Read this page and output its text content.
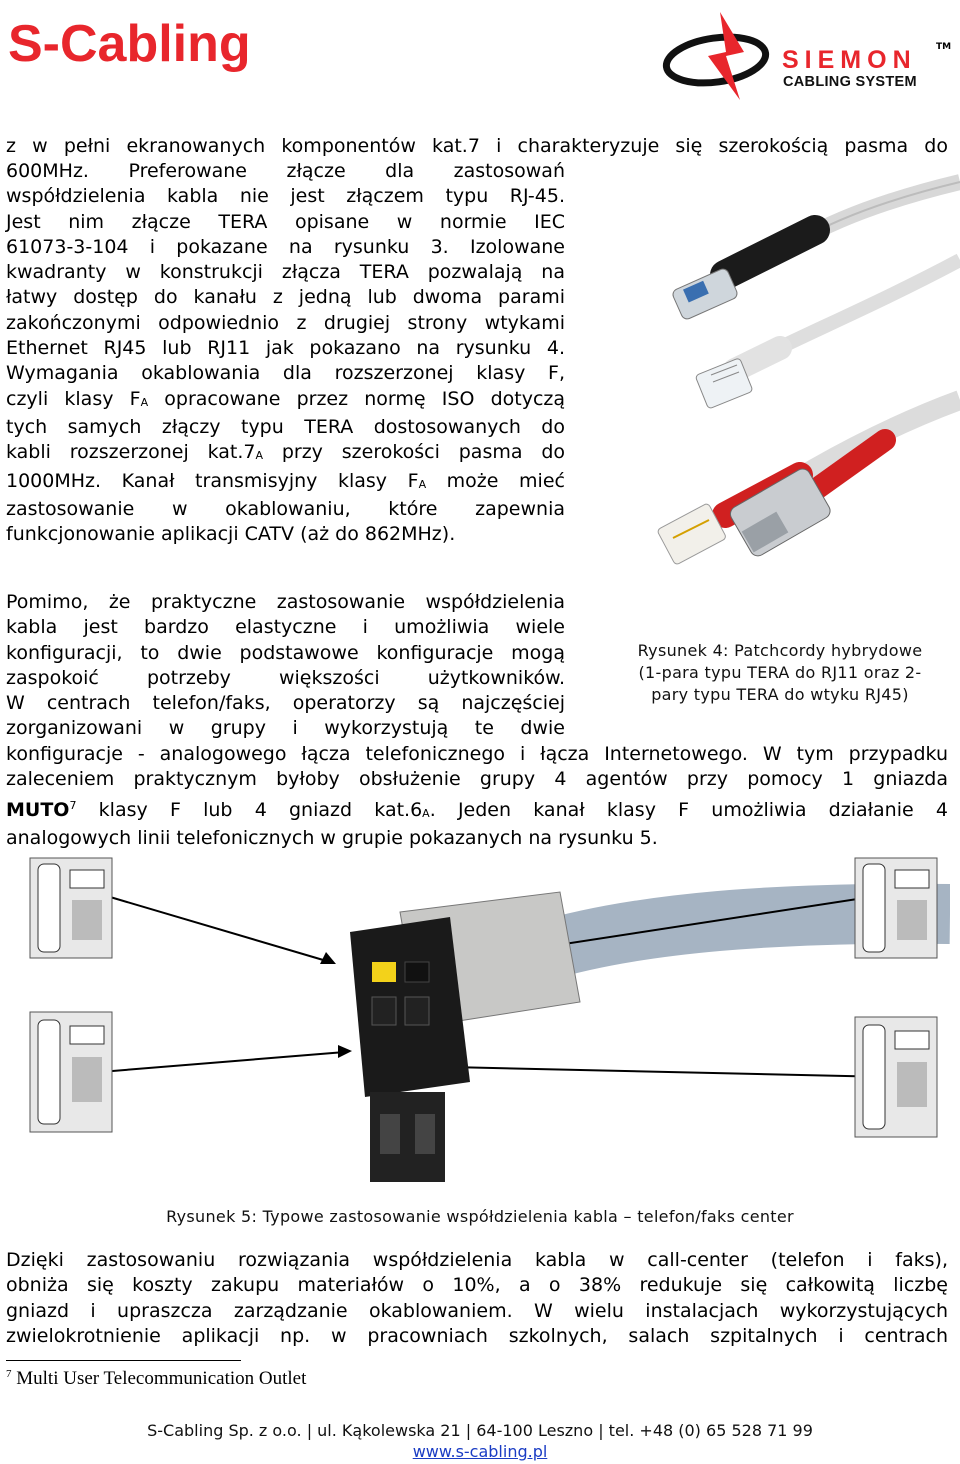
S-Cabling	SIEMON TM
CABLING SYSTEM
z w pełni ekranowanych komponentów kat.7 i charakteryzuje się szerokością pasma do
600MHz. Preferowane złącze dla zastosowań
współdzielenia kabla nie jest złączem typu RJ-45.
Jest nim złącze TERA opisane w normie IEC
61073-3-104 i pokazane na rysunku 3. Izolowane
kwadranty w konstrukcji złącza TERA pozwalają na
łatwy dostęp do kanału z jedną lub dwoma parami
zakończonymi odpowiednio z drugiej strony wtykami
Ethernet RJ45 lub RJ11 jak pokazano na rysunku 4.
Wymagania okablowania dla rozszerzonej klasy F,
czyli klasy $F_A$ opracowane przez normę ISO dotyczą
tych samych złączy typu TERA dostosowanych do
kabli rozszerzonej $kat.7_A$ przy szerokości pasma do
1000MHz. Kanał transmisyjny klasy $F_A$ może mieć
zastosowanie w okablowaniu, które zapewnia
funkcjonowanie aplikacji CATV (aż do 862MHz).
Rysunek 4: Patchcordy hybrydowe
(1-para typu TERA do RJ11 oraz 2-
pary typu TERA do wtyku RJ45)
Pomimo, że praktyczne zastosowanie współdzielenia
kabla jest bardzo elastyczne i umożliwia wiele
konfiguracji, to dwie podstawowe konfiguracje mogą
zaspokoić potrzeby większości użytkowników.
W centrach telefon/faks, operatorzy są najczęściej
zorganizowani w grupy i wykorzystują te dwie
konfiguracje - analogowego łącza telefonicznego i łącza Internetowego. W tym przypadku
zaleceniem praktycznym byłoby obsłużenie grupy 4 agentów przy pomocy 1 gniazda
MUTO$^7$ klasy F lub 4 gniazd $kat.6_A$. Jeden kanał klasy F umożliwia działanie 4
analogowych linii telefonicznych w grupie pokazanych na rysunku 5.
Rysunek 5: Typowe zastosowanie współdzielenia kabla – telefon/faks center
Dzięki zastosowaniu rozwiązania współdzielenia kabla w call-center (telefon i faks),
obniża się koszty zakupu materiałów o 10%, a o 38% redukuje się całkowitą liczbę
gniazd i upraszcza zarządzanie okablowaniem. W wielu instalacjach wykorzystujących
zwielokrotnienie aplikacji np. w pracowniach szkolnych, salach szpitalnych i centrach
$^7$ Multi User Telecommunication Outlet
S-Cabling Sp. z o.o. | ul. Kąkolewska 21 | 64-100 Leszno | tel. +48 (0) 65 528 71 99
www.s-cabling.pl
